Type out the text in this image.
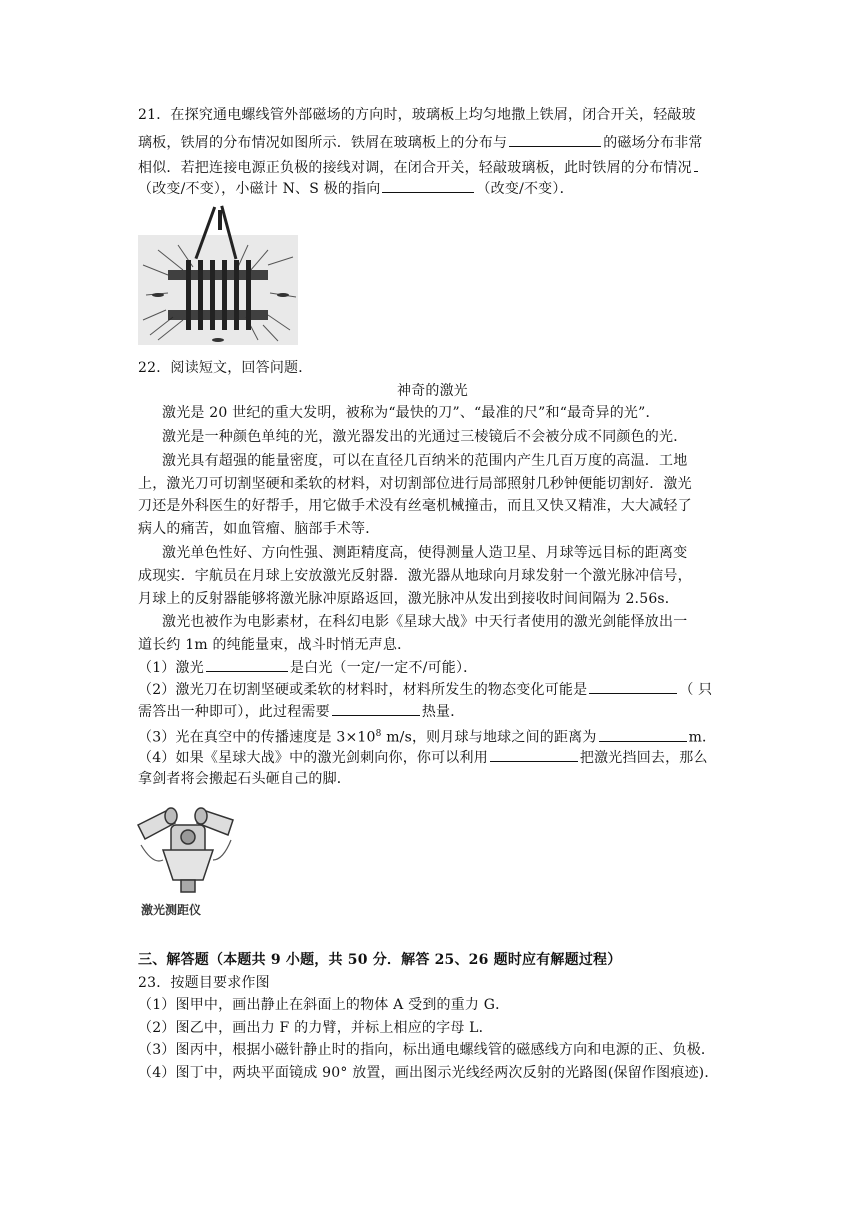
21．在探究通电螺线管外部磁场的方向时，玻璃板上均匀地撒上铁屑，闭合开关，轻敲玻
璃板，铁屑的分布情况如图所示．铁屑在玻璃板上的分布与	的磁场分布非常
相似．若把连接电源正负极的接线对调，在闭合开关，轻敲玻璃板，此时铁屑的分布情况
（改变/不变），小磁计 N、S 极的指向	（改变/不变）．
22．阅读短文，回答问题．
神奇的激光
激光是 20 世纪的重大发明，被称为“最快的刀”、“最准的尺”和“最奇异的光”．
激光是一种颜色单纯的光，激光器发出的光通过三棱镜后不会被分成不同颜色的光．
激光具有超强的能量密度，可以在直径几百纳米的范围内产生几百万度的高温．工地
上，激光刀可切割坚硬和柔软的材料，对切割部位进行局部照射几秒钟便能切割好．激光
刀还是外科医生的好帮手，用它做手术没有丝毫机械撞击，而且又快又精准，大大减轻了
病人的痛苦，如血管瘤、脑部手术等．
激光单色性好、方向性强、测距精度高，使得测量人造卫星、月球等远目标的距离变
成现实．宇航员在月球上安放激光反射器．激光器从地球向月球发射一个激光脉冲信号，
月球上的反射器能够将激光脉冲原路返回，激光脉冲从发出到接收时间间隔为 2.56s．
激光也被作为电影素材，在科幻电影《星球大战》中天行者使用的激光剑能怿放出一
道长约 1m 的纯能量束，战斗时悄无声息．
（1）激光	是白光（一定/一定不/可能）．
（2）激光刀在切割坚硬或柔软的材料时，材料所发生的物态变化可能是	（ 只
需答出一种即可），此过程需要	热量．
（3）光在真空中的传播速度是 $3\times 10^8$ m/s，则月球与地球之间的距离为	m．
（4）如果《星球大战》中的激光剑刺向你，你可以利用	把激光挡回去，那么
拿剑者将会搬起石头砸自己的脚．
激光测距仪
三、解答题（本题共 9 小题，共 50 分．解答 25、26 题时应有解题过程）
23．按题目要求作图
（1）图甲中，画出静止在斜面上的物体 A 受到的重力 G．
（2）图乙中，画出力 F 的力臂，并标上相应的字母 L．
（3）图丙中，根据小磁针静止时的指向，标出通电螺线管的磁感线方向和电源的正、负极．
（4）图丁中，两块平面镜成 90° 放置，画出图示光线经两次反射的光路图(保留作图痕迹)．
